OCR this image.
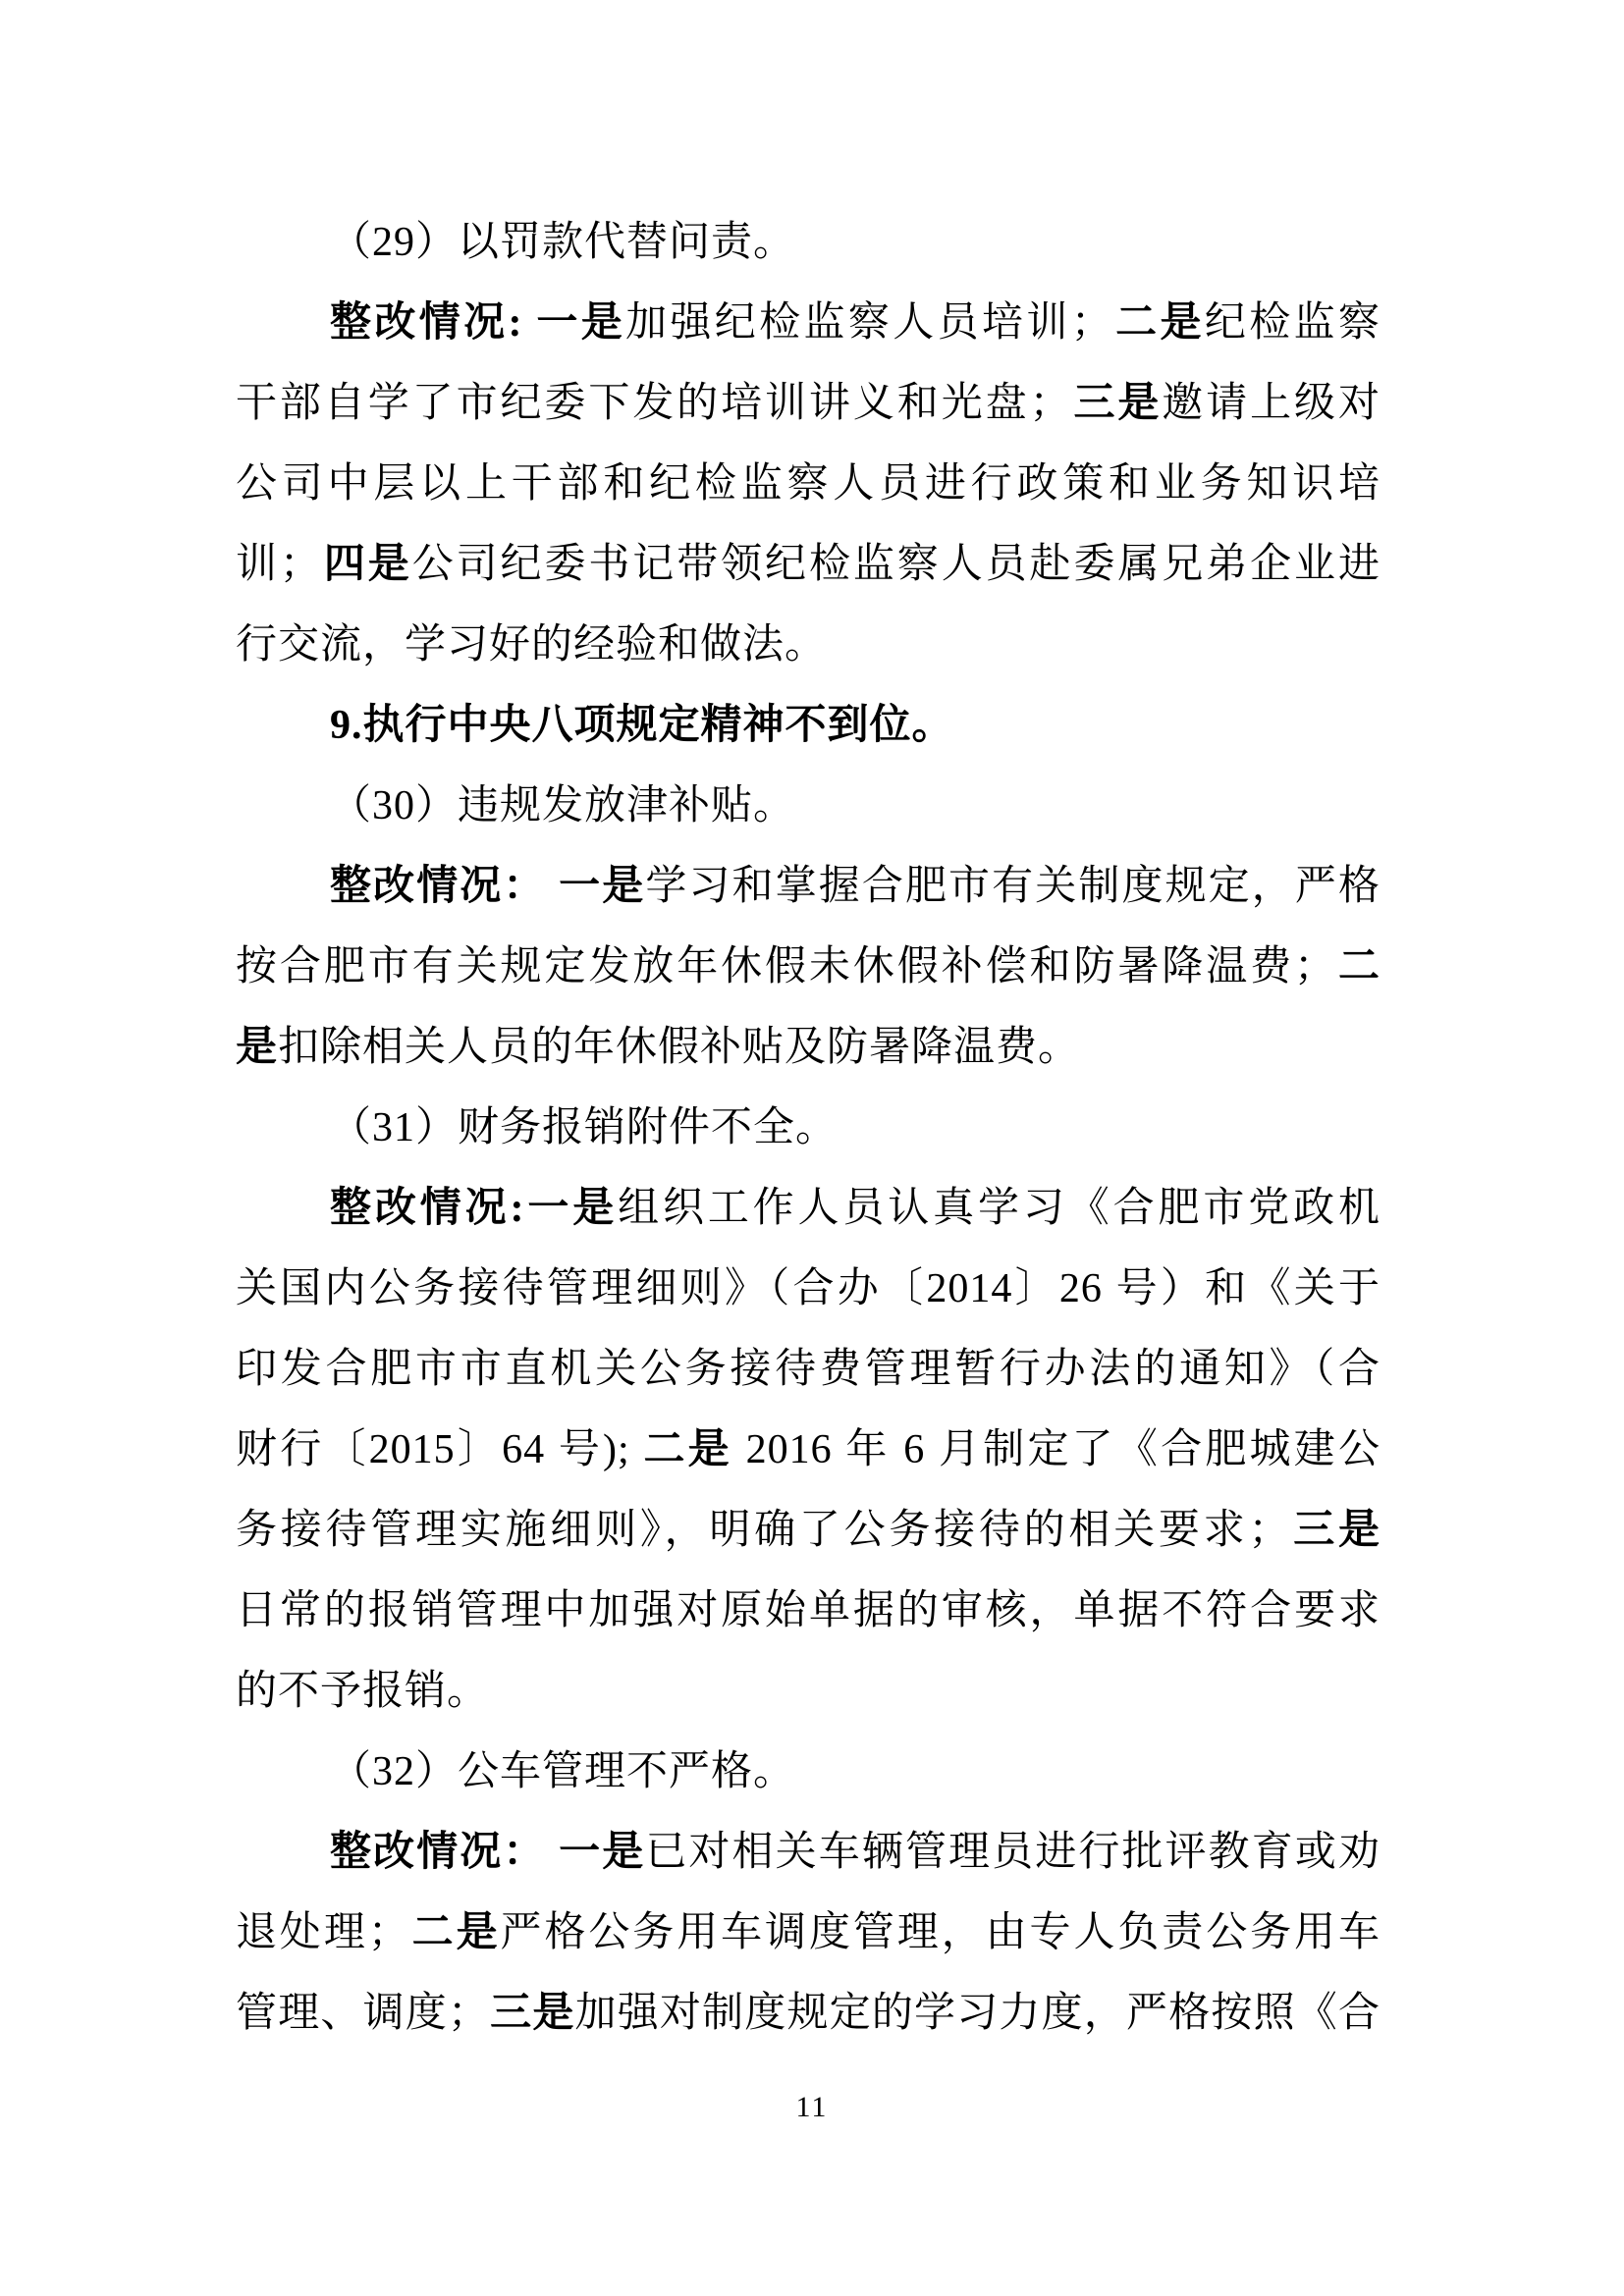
（29）以罚款代替问责。
整改情况: 一是加强纪检监察人员培训；二是纪检监察
干部自学了市纪委下发的培训讲义和光盘；三是邀请上级对
公司中层以上干部和纪检监察人员进行政策和业务知识培
训；四是公司纪委书记带领纪检监察人员赴委属兄弟企业进
行交流，学习好的经验和做法。
9.执行中央八项规定精神不到位。
（30）违规发放津补贴。
整改情况： 一是学习和掌握合肥市有关制度规定，严格
按合肥市有关规定发放年休假未休假补偿和防暑降温费；二
是扣除相关人员的年休假补贴及防暑降温费。
（31）财务报销附件不全。
整改情况:一是组织工作人员认真学习《合肥市党政机
关国内公务接待管理细则》（合办〔2014〕26 号）和《关于
印发合肥市市直机关公务接待费管理暂行办法的通知》（合
财行〔2015〕64 号); 二是 2016 年 6 月制定了《合肥城建公
务接待管理实施细则》，明确了公务接待的相关要求；三是
日常的报销管理中加强对原始单据的审核，单据不符合要求
的不予报销。
（32）公车管理不严格。
整改情况： 一是已对相关车辆管理员进行批评教育或劝
退处理；二是严格公务用车调度管理，由专人负责公务用车
管理、调度；三是加强对制度规定的学习力度，严格按照《合
11
